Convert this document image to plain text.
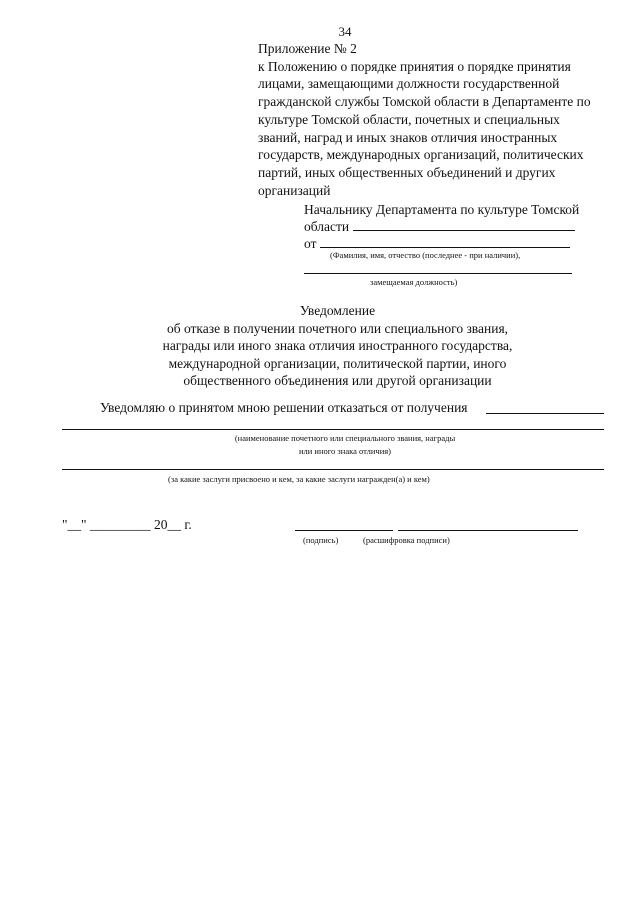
34
Приложение № 2
к Положению о порядке принятия о порядке принятия
лицами, замещающими должности государственной
гражданской службы Томской области в Департаменте по
культуре Томской области, почетных и специальных
званий, наград и иных знаков отличия иностранных
государств, международных организаций, политических
партий, иных общественных объединений и других
организаций
Начальнику Департамента по культуре Томской
области
от
(Фамилия, имя, отчество (последнее - при наличии),
замещаемая должность)
Уведомление
об отказе в получении почетного или специального звания,
награды или иного знака отличия иностранного государства,
международной организации, политической партии, иного
общественного объединения или другой организации
Уведомляю о принятом мною решении отказаться от получения
(наименование почетного или специального звания, награды
или иного знака отличия)
(за какие заслуги присвоено и кем, за какие заслуги награжден(а) и кем)
"__" _________ 20__ г.
(подпись)	(расшифровка подписи)
